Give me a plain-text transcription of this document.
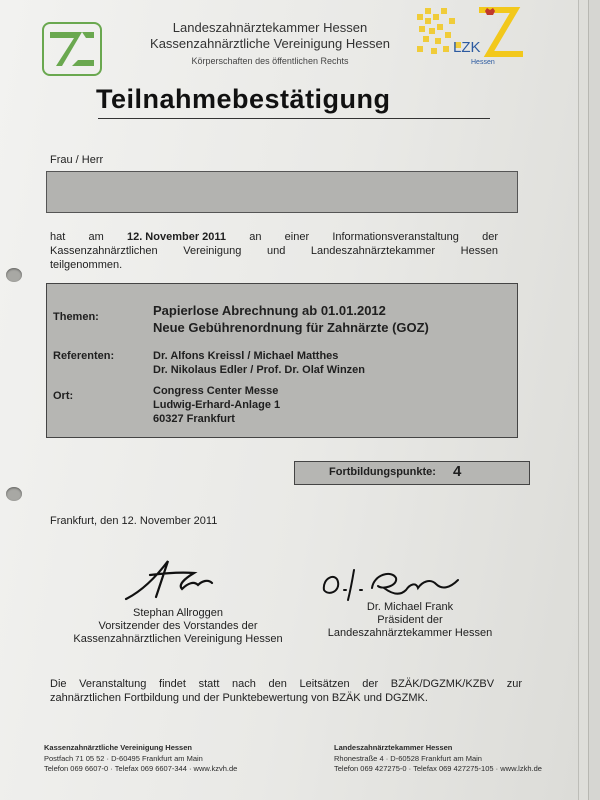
Landeszahnärztekammer Hessen
Kassenzahnärztliche Vereinigung Hessen
Körperschaften des öffentlichen Rechts
LZK
Hessen
Teilnahmebestätigung
Frau / Herr
hat am 12. November 2011 an einer Informationsveranstaltung der
Kassenzahnärztlichen Vereinigung und Landeszahnärztekammer Hessen
teilgenommen.
Themen:	Papierlose Abrechnung ab 01.01.2012
Neue Gebührenordnung für Zahnärzte (GOZ)
Referenten:	Dr. Alfons Kreissl / Michael Matthes
Dr. Nikolaus Edler / Prof. Dr. Olaf Winzen
Ort:	Congress Center Messe
Ludwig-Erhard-Anlage 1
60327 Frankfurt
Fortbildungspunkte: 4
Frankfurt, den 12. November 2011
Stephan Allroggen
Vorsitzender des Vorstandes der
Kassenzahnärztlichen Vereinigung Hessen
Dr. Michael Frank
Präsident der
Landeszahnärztekammer Hessen
Die Veranstaltung findet statt nach den Leitsätzen der BZÄK/DGZMK/KZBV zur
zahnärztlichen Fortbildung und der Punktebewertung von BZÄK und DGZMK.
Kassenzahnärztliche Vereinigung Hessen
Postfach 71 05 52 · D-60495 Frankfurt am Main
Telefon 069 6607-0 · Telefax 069 6607-344 · www.kzvh.de
Landeszahnärztekammer Hessen
Rhonestraße 4 · D-60528 Frankfurt am Main
Telefon 069 427275-0 · Telefax 069 427275-105 · www.lzkh.de
